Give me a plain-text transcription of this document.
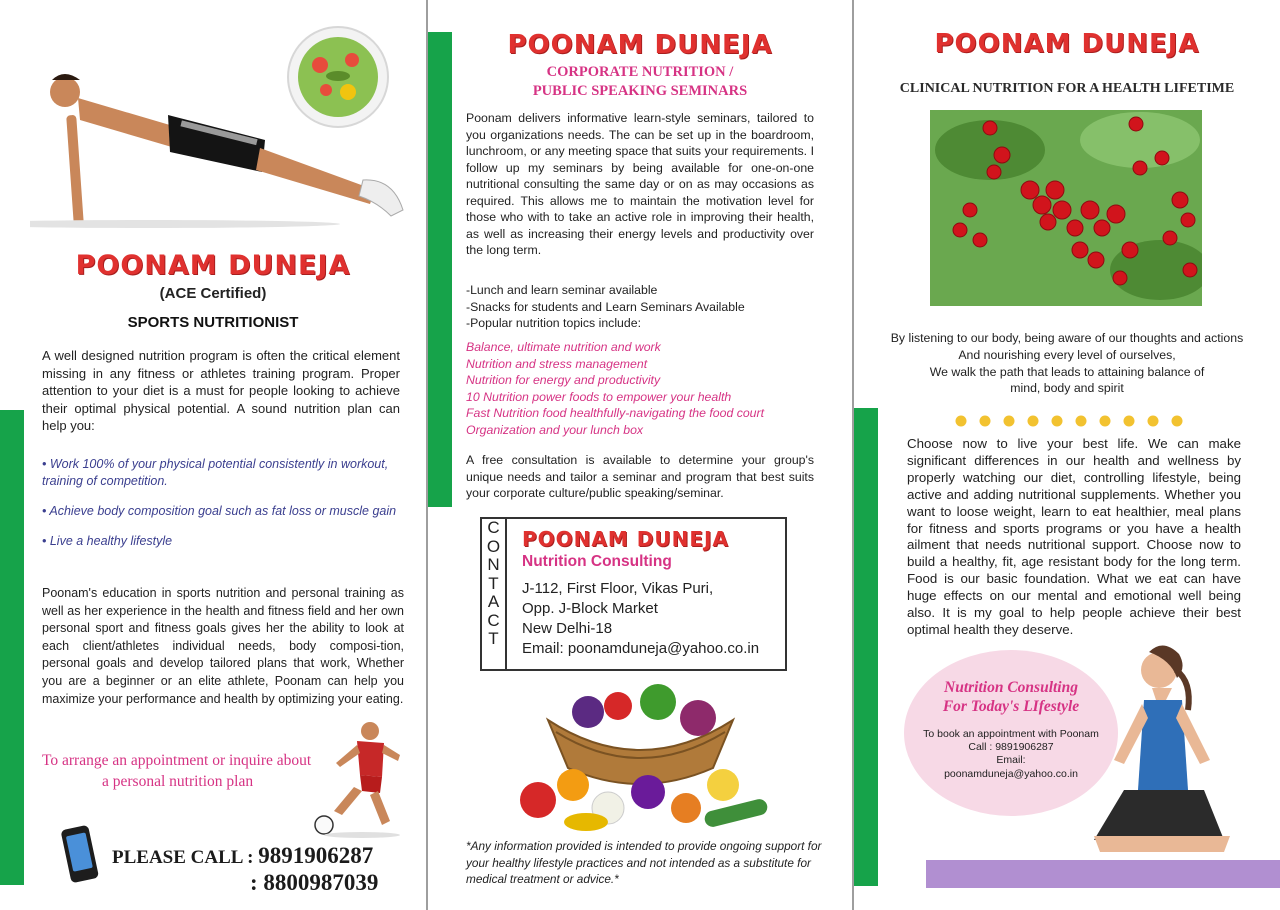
POONAM DUNEJA
(ACE Certified)
SPORTS NUTRITIONIST

A well designed nutrition program is often the critical element missing in any fitness or athletes training program. Proper attention to your diet is a must for people looking to achieve their optimal physical potential. A sound nutrition plan can help you:

• Work 100% of your physical potential consistently in workout, training of competition.
• Achieve body composition goal such as fat loss or muscle gain
• Live a healthy lifestyle

Poonam's education in sports nutrition and personal training as well as her experience in the health and fitness field and her own personal sport and fitness goals gives her the ability to look at each client/athletes individual needs, body composi-tion, personal goals and develop tailored plans that work, Whether you are a beginner or an elite athlete, Poonam can help you maximize your performance and health by optimizing your eating.

To arrange an appointment or inquire about
a personal nutrition plan
PLEASE CALL : 9891906287
: 8800987039
POONAM DUNEJA
CORPORATE NUTRITION /
PUBLIC SPEAKING SEMINARS

Poonam delivers informative learn-style seminars, tailored to you organizations needs. The can be set up in the boardroom, lunchroom, or any meeting space that suits your requirements. I follow up my seminars by being available for one-on-one nutritional consulting the same day or on as may occasions as required. This allows me to maintain the motivation level for those who with to take an active role in improving their health, as well as increasing their energy levels and productivity over the long term.

-Lunch and learn seminar available
-Snacks for students and Learn Seminars Available
-Popular nutrition topics include:
Balance, ultimate nutrition and work
Nutrition and stress management
Nutrition for energy and productivity
10 Nutrition power foods to empower your health
Fast Nutrition food healthfully-navigating the food court
Organization and your lunch box

A free consultation is available to determine your group's unique needs and tailor a seminar and program that best suits your corporate culture/public speaking/seminar.

C
O
N
T
A
C
T
POONAM DUNEJA
Nutrition Consulting
J-112, First Floor, Vikas Puri,
Opp. J-Block Market
New Delhi-18
Email: poonamduneja@yahoo.co.in

*Any information provided is intended to provide ongoing support for your healthy lifestyle practices and not intended as a substitute for medical treatment or advice.*

POONAM DUNEJA
CLINICAL NUTRITION FOR A HEALTH LIFETIME
By listening to our body, being aware of our thoughts and actions
And nourishing every level of ourselves,
We walk the path that leads to attaining balance of
mind, body and spirit

Choose now to live your best life. We can make significant differences in our health and wellness by properly watching our diet, controlling lifestyle, being active and adding nutritional supplements. Whether you want to loose weight, learn to eat healthier, meal plans for fitness and sports programs or you have a health ailment that needs nutritional support. Choose now to build a healthy, fit, age resistant body for the long term. Food is our basic foundation. What we eat can have huge effects on our mental and emotional well being also. It is my goal to help people achieve their best optimal health they deserve.

Nutrition Consulting
For Today's LIfestyle
To book an appointment with Poonam
Call : 9891906287
Email:
poonamduneja@yahoo.co.in
